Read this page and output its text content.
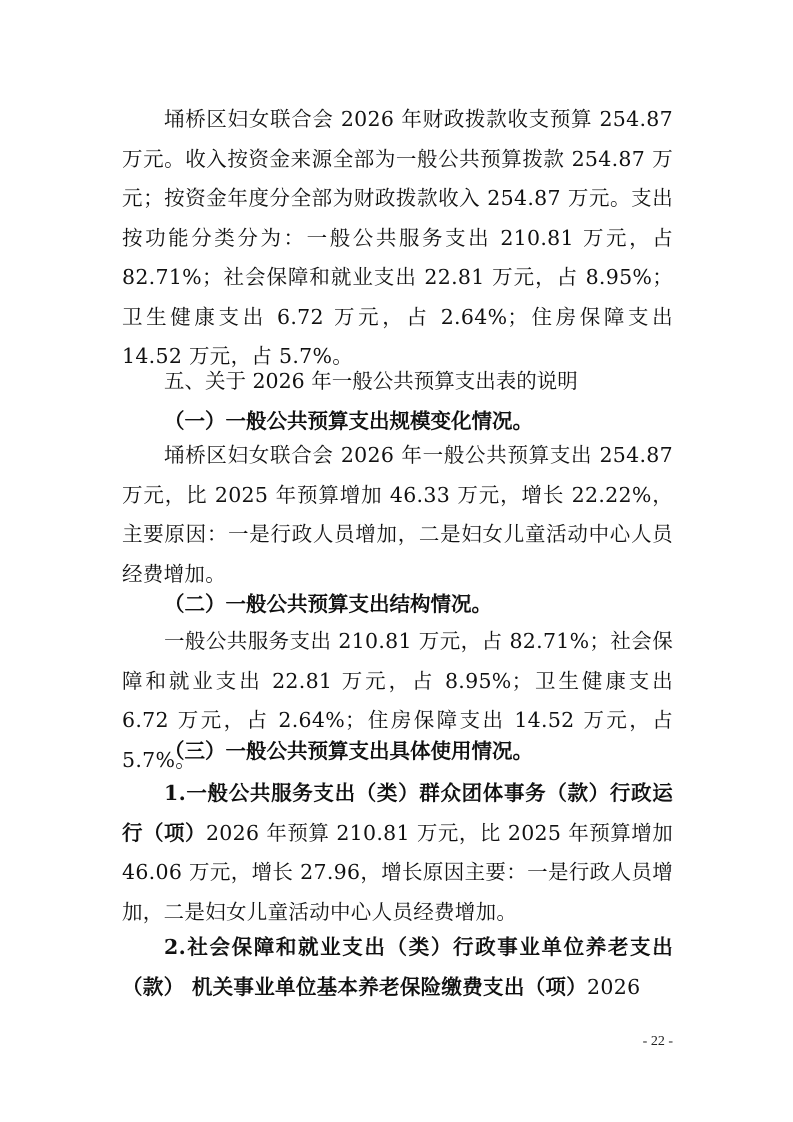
埇桥区妇女联合会 2026 年财政拨款收支预算 254.87 万元。收入按资金来源全部为一般公共预算拨款 254.87 万元；按资金年度分全部为财政拨款收入 254.87 万元。支出按功能分类分为：一般公共服务支出 210.81 万元，占 82.71%；社会保障和就业支出 22.81 万元，占 8.95%；卫生健康支出 6.72 万元，占 2.64%；住房保障支出 14.52 万元，占 5.7%。

五、关于 2026 年一般公共预算支出表的说明

（一）一般公共预算支出规模变化情况。

埇桥区妇女联合会 2026 年一般公共预算支出 254.87 万元，比 2025 年预算增加 46.33 万元，增长 22.22%，主要原因：一是行政人员增加，二是妇女儿童活动中心人员经费增加。

（二）一般公共预算支出结构情况。

一般公共服务支出 210.81 万元，占 82.71%；社会保障和就业支出 22.81 万元，占 8.95%；卫生健康支出 6.72 万元，占 2.64%；住房保障支出 14.52 万元，占 5.7%。

（三）一般公共预算支出具体使用情况。

1.一般公共服务支出（类）群众团体事务（款）行政运行（项）2026 年预算 210.81 万元，比 2025 年预算增加 46.06 万元，增长 27.96，增长原因主要：一是行政人员增加，二是妇女儿童活动中心人员经费增加。

2.社会保障和就业支出（类）行政事业单位养老支出（款） 机关事业单位基本养老保险缴费支出（项）2026

- 22 -
